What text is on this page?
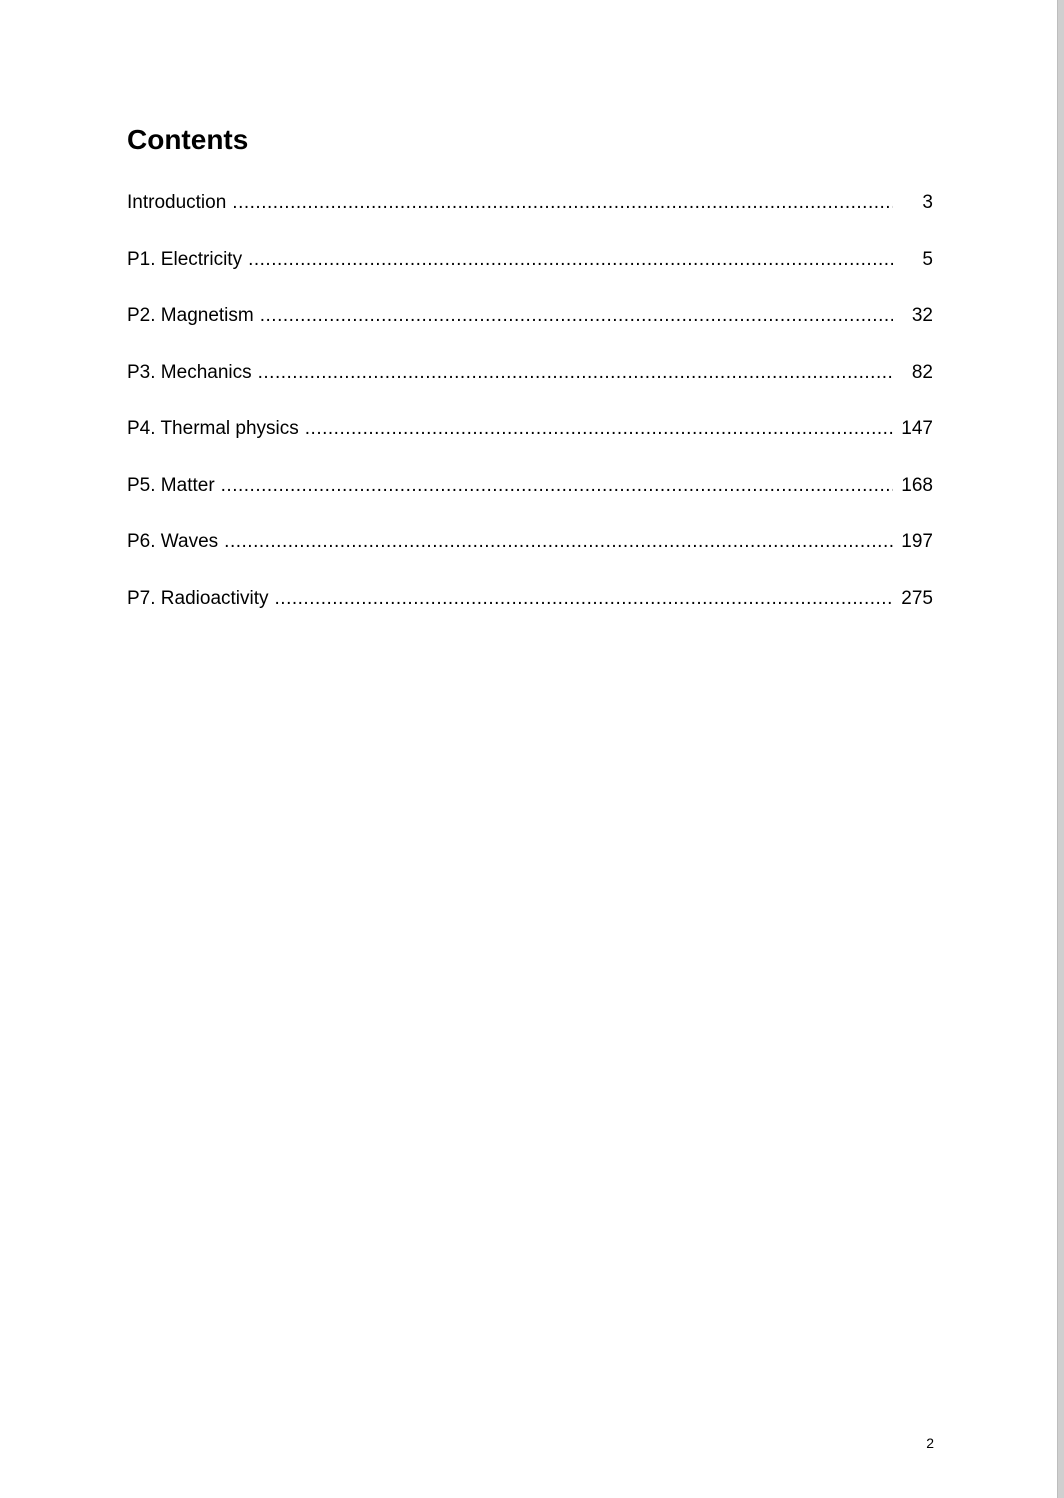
Contents
Introduction .....	3
P1. Electricity .....	5
P2. Magnetism .....	32
P3. Mechanics .....	82
P4. Thermal physics .....	147
P5. Matter .....	168
P6. Waves .....	197
P7. Radioactivity .....	275
2
